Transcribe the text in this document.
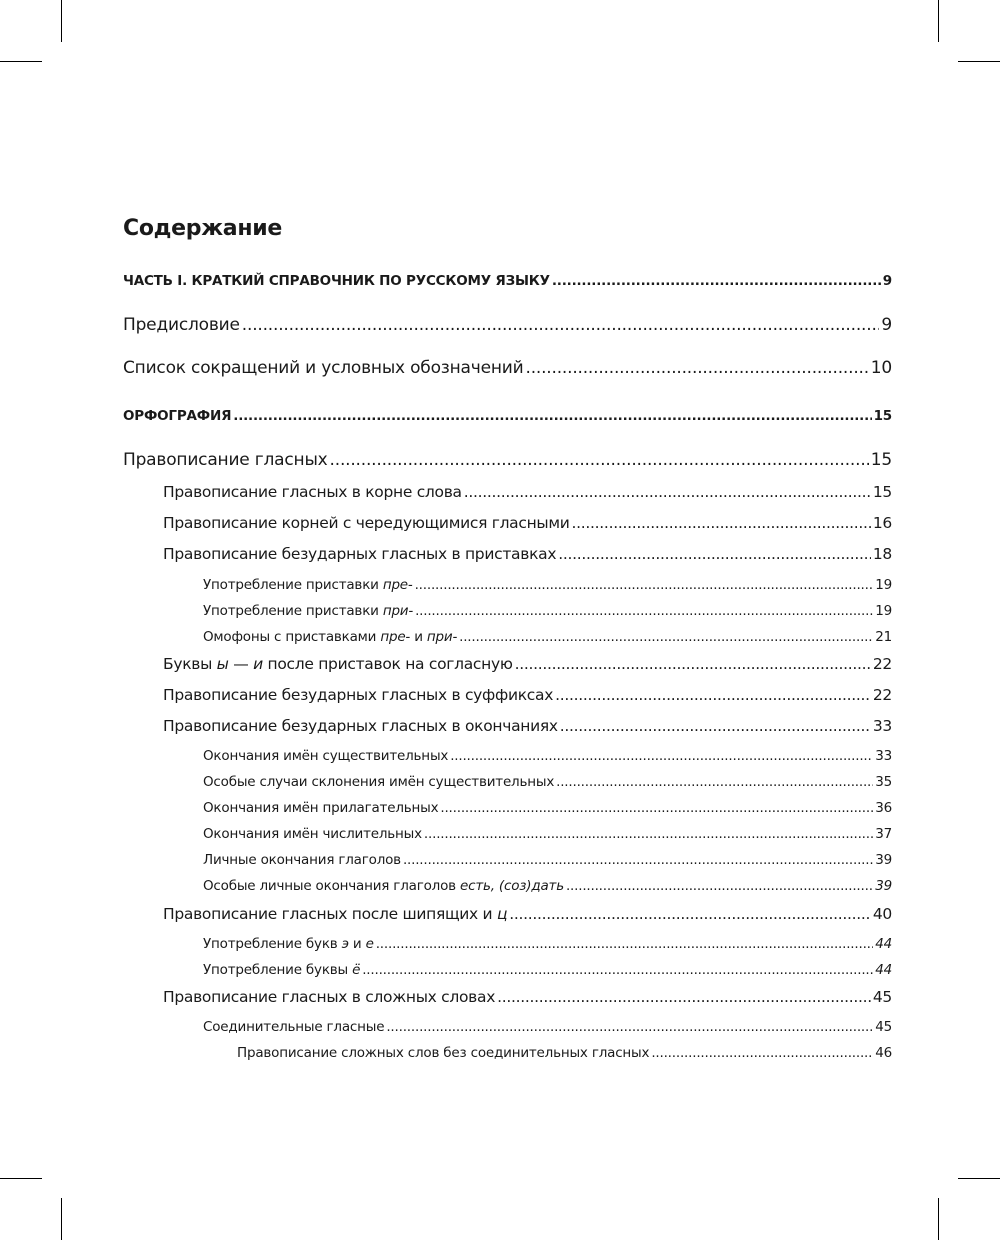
Содержание
ЧАСТЬ I. КРАТКИЙ СПРАВОЧНИК ПО РУССКОМУ ЯЗЫКУ .....	9
Предисловие .....	9
Список сокращений и условных обозначений .....	10
ОРФОГРАФИЯ .....	15
Правописание гласных .....	15
Правописание гласных в корне слова .....	15
Правописание корней с чередующимися гласными .....	16
Правописание безударных гласных в приставках .....	18
Употребление приставки пре- .....	19
Употребление приставки при- .....	19
Омофоны с приставками пре- и при- .....	21
Буквы ы — и после приставок на согласную .....	22
Правописание безударных гласных в суффиксах .....	22
Правописание безударных гласных в окончаниях .....	33
Окончания имён существительных .....	33
Особые случаи склонения имён существительных .....	35
Окончания имён прилагательных .....	36
Окончания имён числительных .....	37
Личные окончания глаголов .....	39
Особые личные окончания глаголов есть, (соз)дать .....	39
Правописание гласных после шипящих и ц .....	40
Употребление букв э и е .....	44
Употребление буквы ё .....	44
Правописание гласных в сложных словах .....	45
Соединительные гласные .....	45
Правописание сложных слов без соединительных гласных .....	46
